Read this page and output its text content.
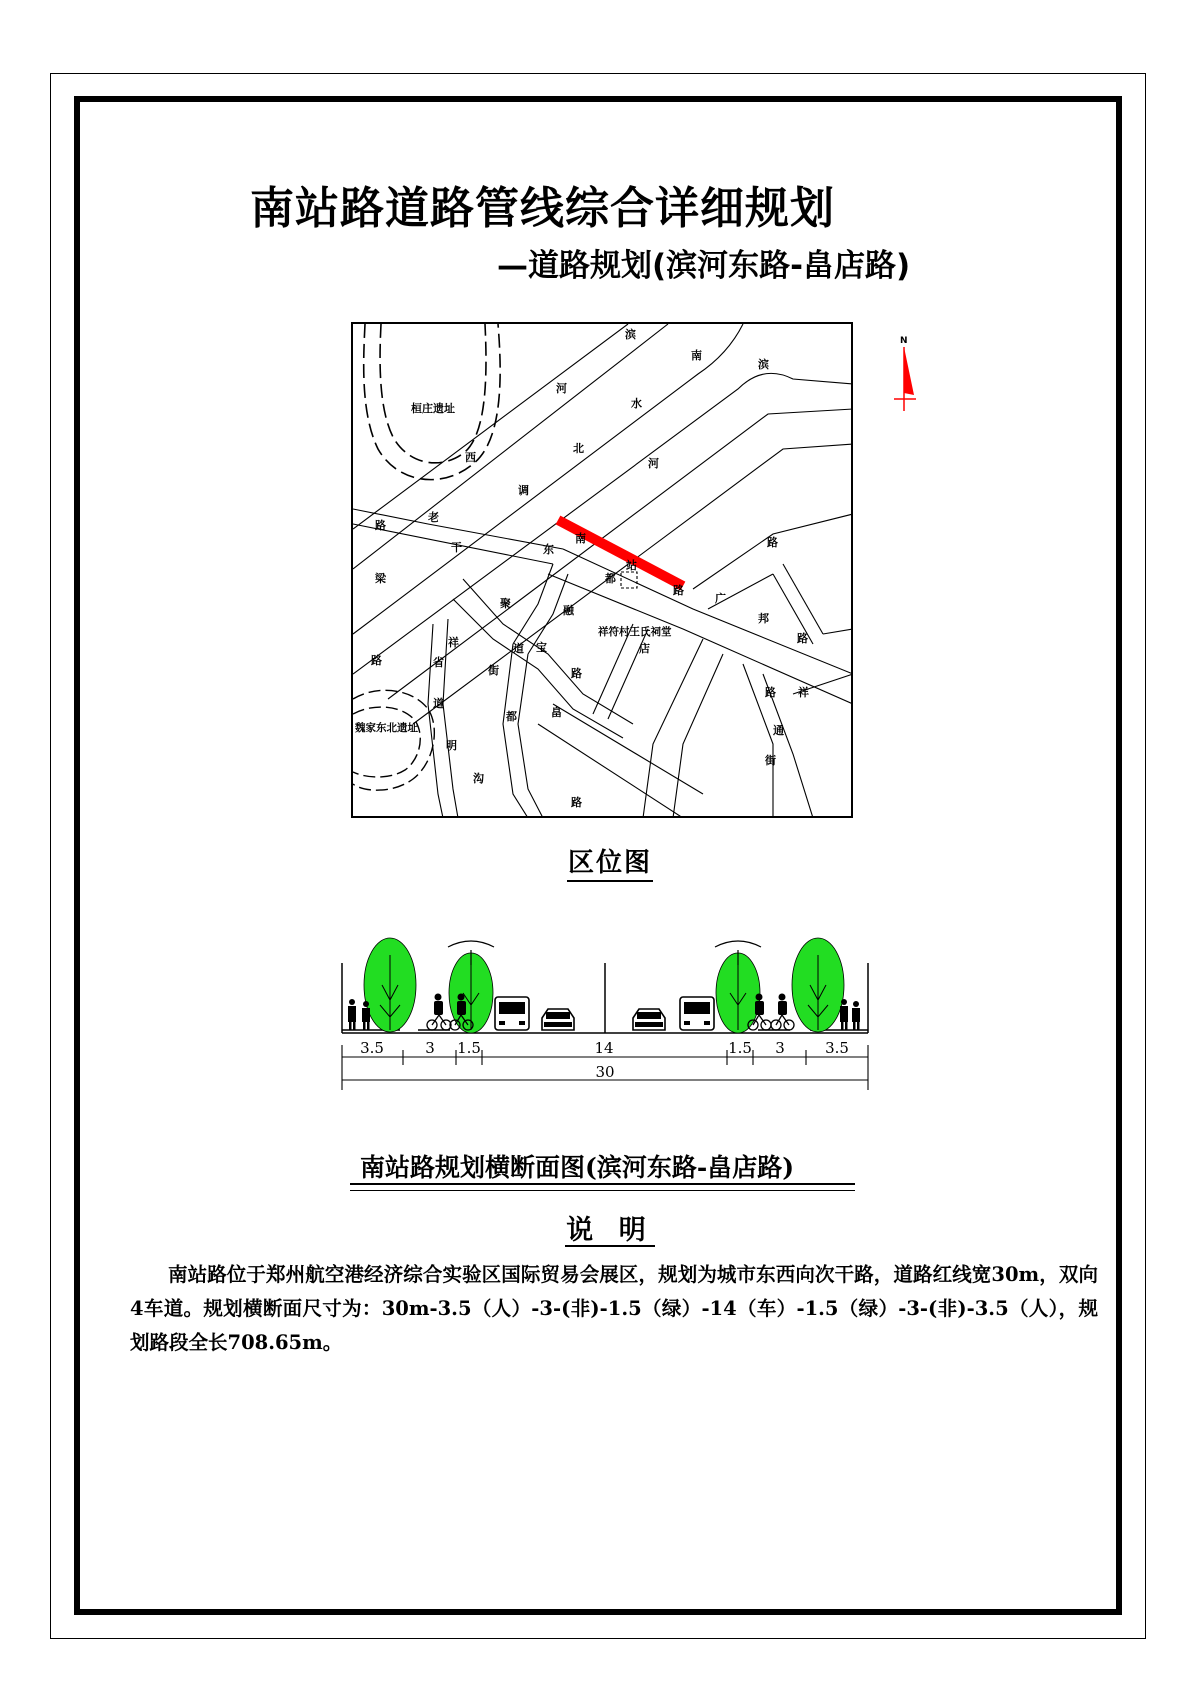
南站路道路管线综合详细规划
—道路规划(滨河东路-畠店路)
桓庄遗址
魏家东北遗址
祥符村王氏祠堂
滨
南
滨
河
水
北
河
西
调
路
老
干
梁
路
东
南
站
路
路
广
邦
路
聚
融
都
祥
省
街
道 宝
路
店
路 祥
通
街
道
都	畠
明
沟
路
N
区位图
3.5	3 1.5	14	1.5 3	3.5
30
南站路规划横断面图(滨河东路-畠店路)
说 明
南站路位于郑州航空港经济综合实验区国际贸易会展区，规划为城市东西向次干路，道路红线宽30m，双向4车道。规划横断面尺寸为：30m-3.5（人）-3-(非)-1.5（绿）-14（车）-1.5（绿）-3-(非)-3.5（人），规划路段全长708.65m。
